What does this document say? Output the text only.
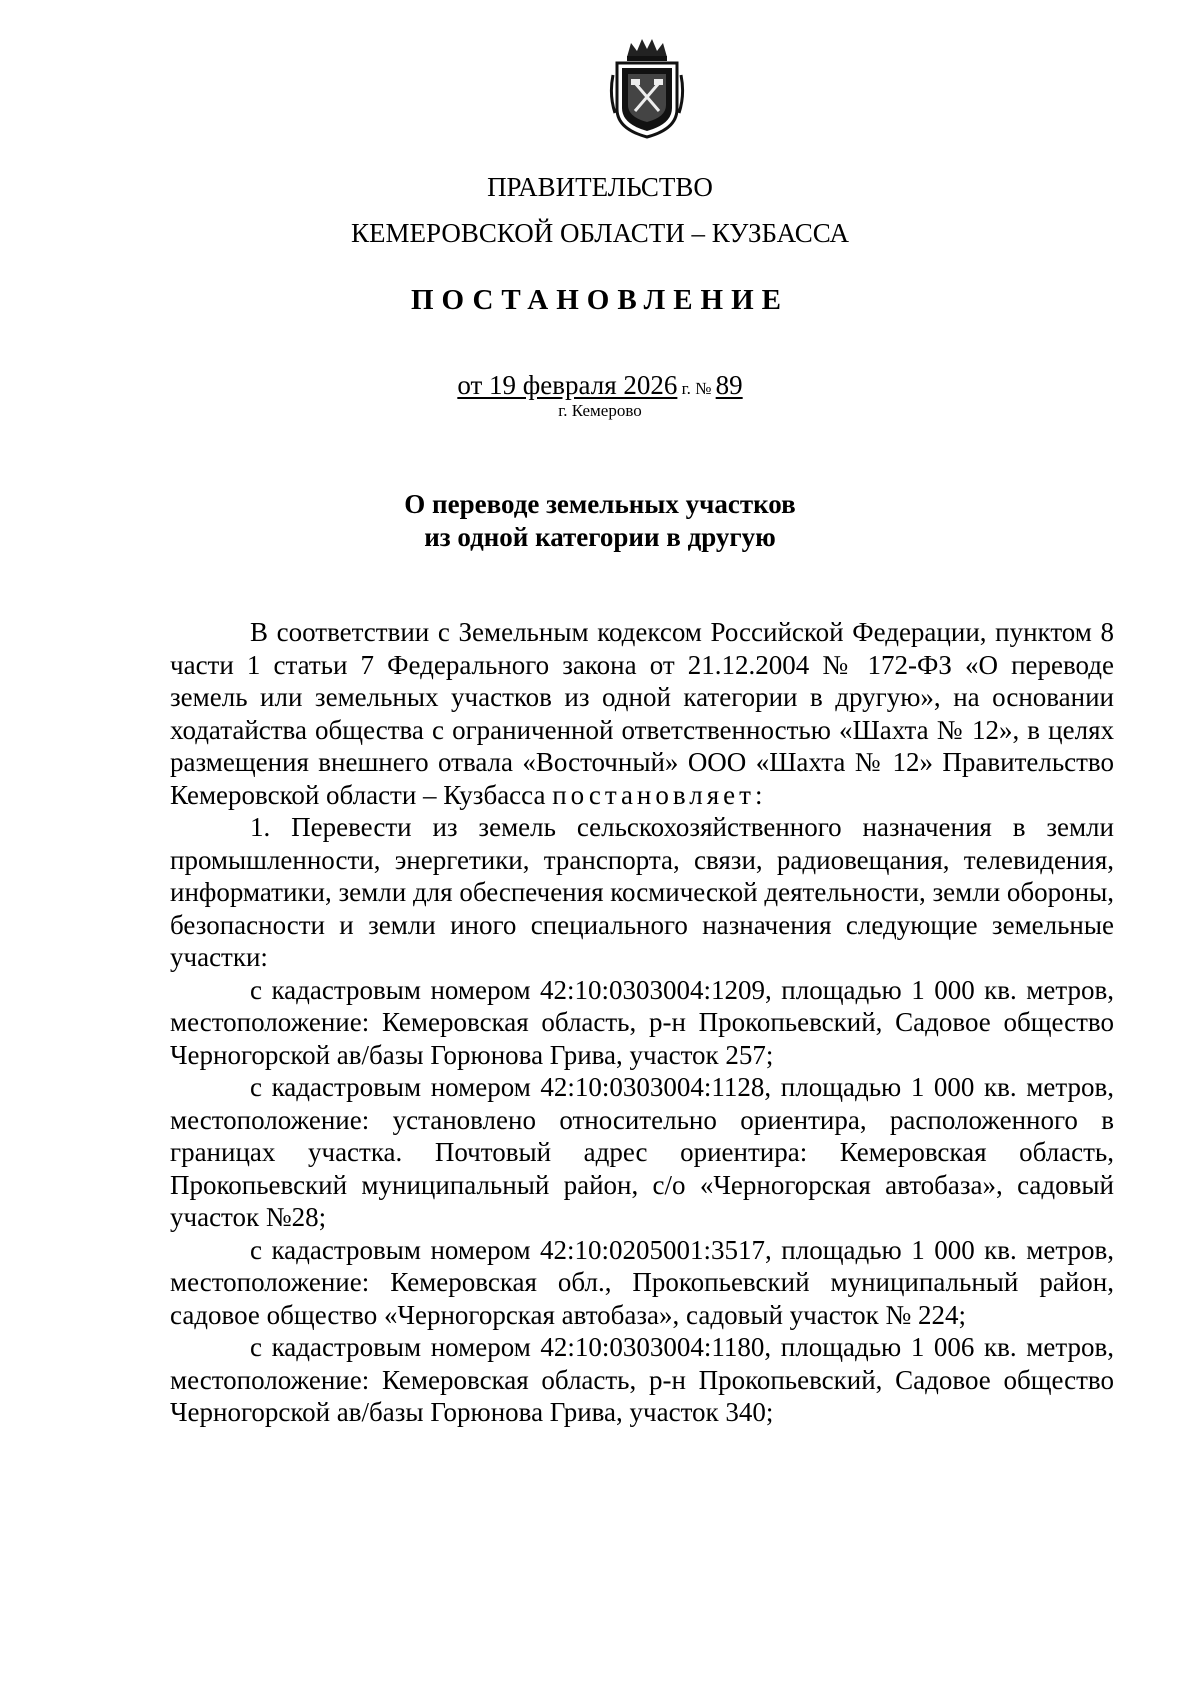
ПРАВИТЕЛЬСТВО
КЕМЕРОВСКОЙ ОБЛАСТИ – КУЗБАССА
ПОСТАНОВЛЕНИЕ
от 19 февраля 2026 г. № 89
г. Кемерово
О переводе земельных участков
из одной категории в другую

В соответствии с Земельным кодексом Российской Федерации, пунктом 8 части 1 статьи 7 Федерального закона от 21.12.2004 № 172-ФЗ «О переводе земель или земельных участков из одной категории в другую», на основании ходатайства общества с ограниченной ответственностью «Шахта № 12», в целях размещения внешнего отвала «Восточный» ООО «Шахта № 12» Правительство Кемеровской области – Кузбасса постановляет:

1. Перевести из земель сельскохозяйственного назначения в земли промышленности, энергетики, транспорта, связи, радиовещания, телевидения, информатики, земли для обеспечения космической деятельности, земли обороны, безопасности и земли иного специального назначения следующие земельные участки:

с кадастровым номером 42:10:0303004:1209, площадью 1 000 кв. метров, местоположение: Кемеровская область, р-н Прокопьевский, Садовое общество Черногорской ав/базы Горюнова Грива, участок 257;

с кадастровым номером 42:10:0303004:1128, площадью 1 000 кв. метров, местоположение: установлено относительно ориентира, расположенного в границах участка. Почтовый адрес ориентира: Кемеровская область, Прокопьевский муниципальный район, с/о «Черногорская автобаза», садовый участок №28;

с кадастровым номером 42:10:0205001:3517, площадью 1 000 кв. метров, местоположение: Кемеровская обл., Прокопьевский муниципальный район, садовое общество «Черногорская автобаза», садовый участок № 224;

с кадастровым номером 42:10:0303004:1180, площадью 1 006 кв. метров, местоположение: Кемеровская область, р-н Прокопьевский, Садовое общество Черногорской ав/базы Горюнова Грива, участок 340;
